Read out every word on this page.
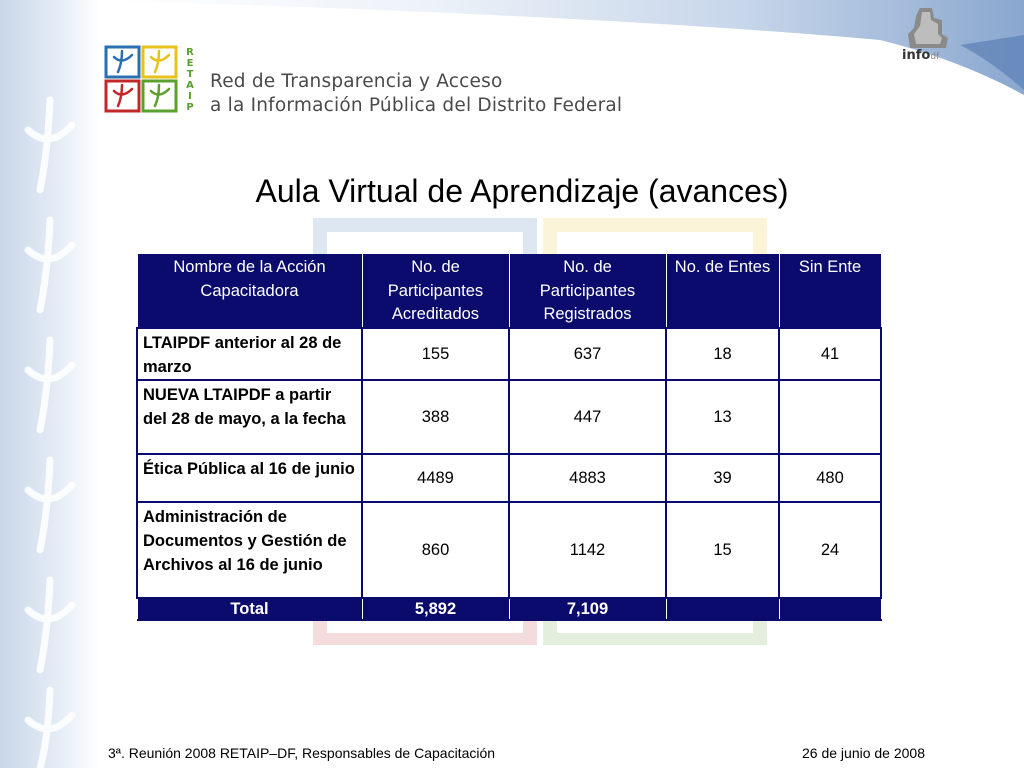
R
E
T
A
I
P
Red de Transparencia y Acceso
a la Información Pública del Distrito Federal
infodf
Aula Virtual de Aprendizaje (avances)
Nombre de la Acción Capacitadora	No. de Participantes Acreditados	No. de Participantes Registrados	No. de Entes	Sin Ente
LTAIPDF anterior al 28 de marzo	155	637	18	41
NUEVA LTAIPDF a partir del 28 de mayo, a la fecha	388	447	13	
Ética Pública al 16 de junio	4489	4883	39	480
Administración de Documentos y Gestión de Archivos al 16 de junio	860	1142	15	24
Total	5,892	7,109		
3ª. Reunión 2008 RETAIP–DF, Responsables de Capacitación	26 de junio de 2008
